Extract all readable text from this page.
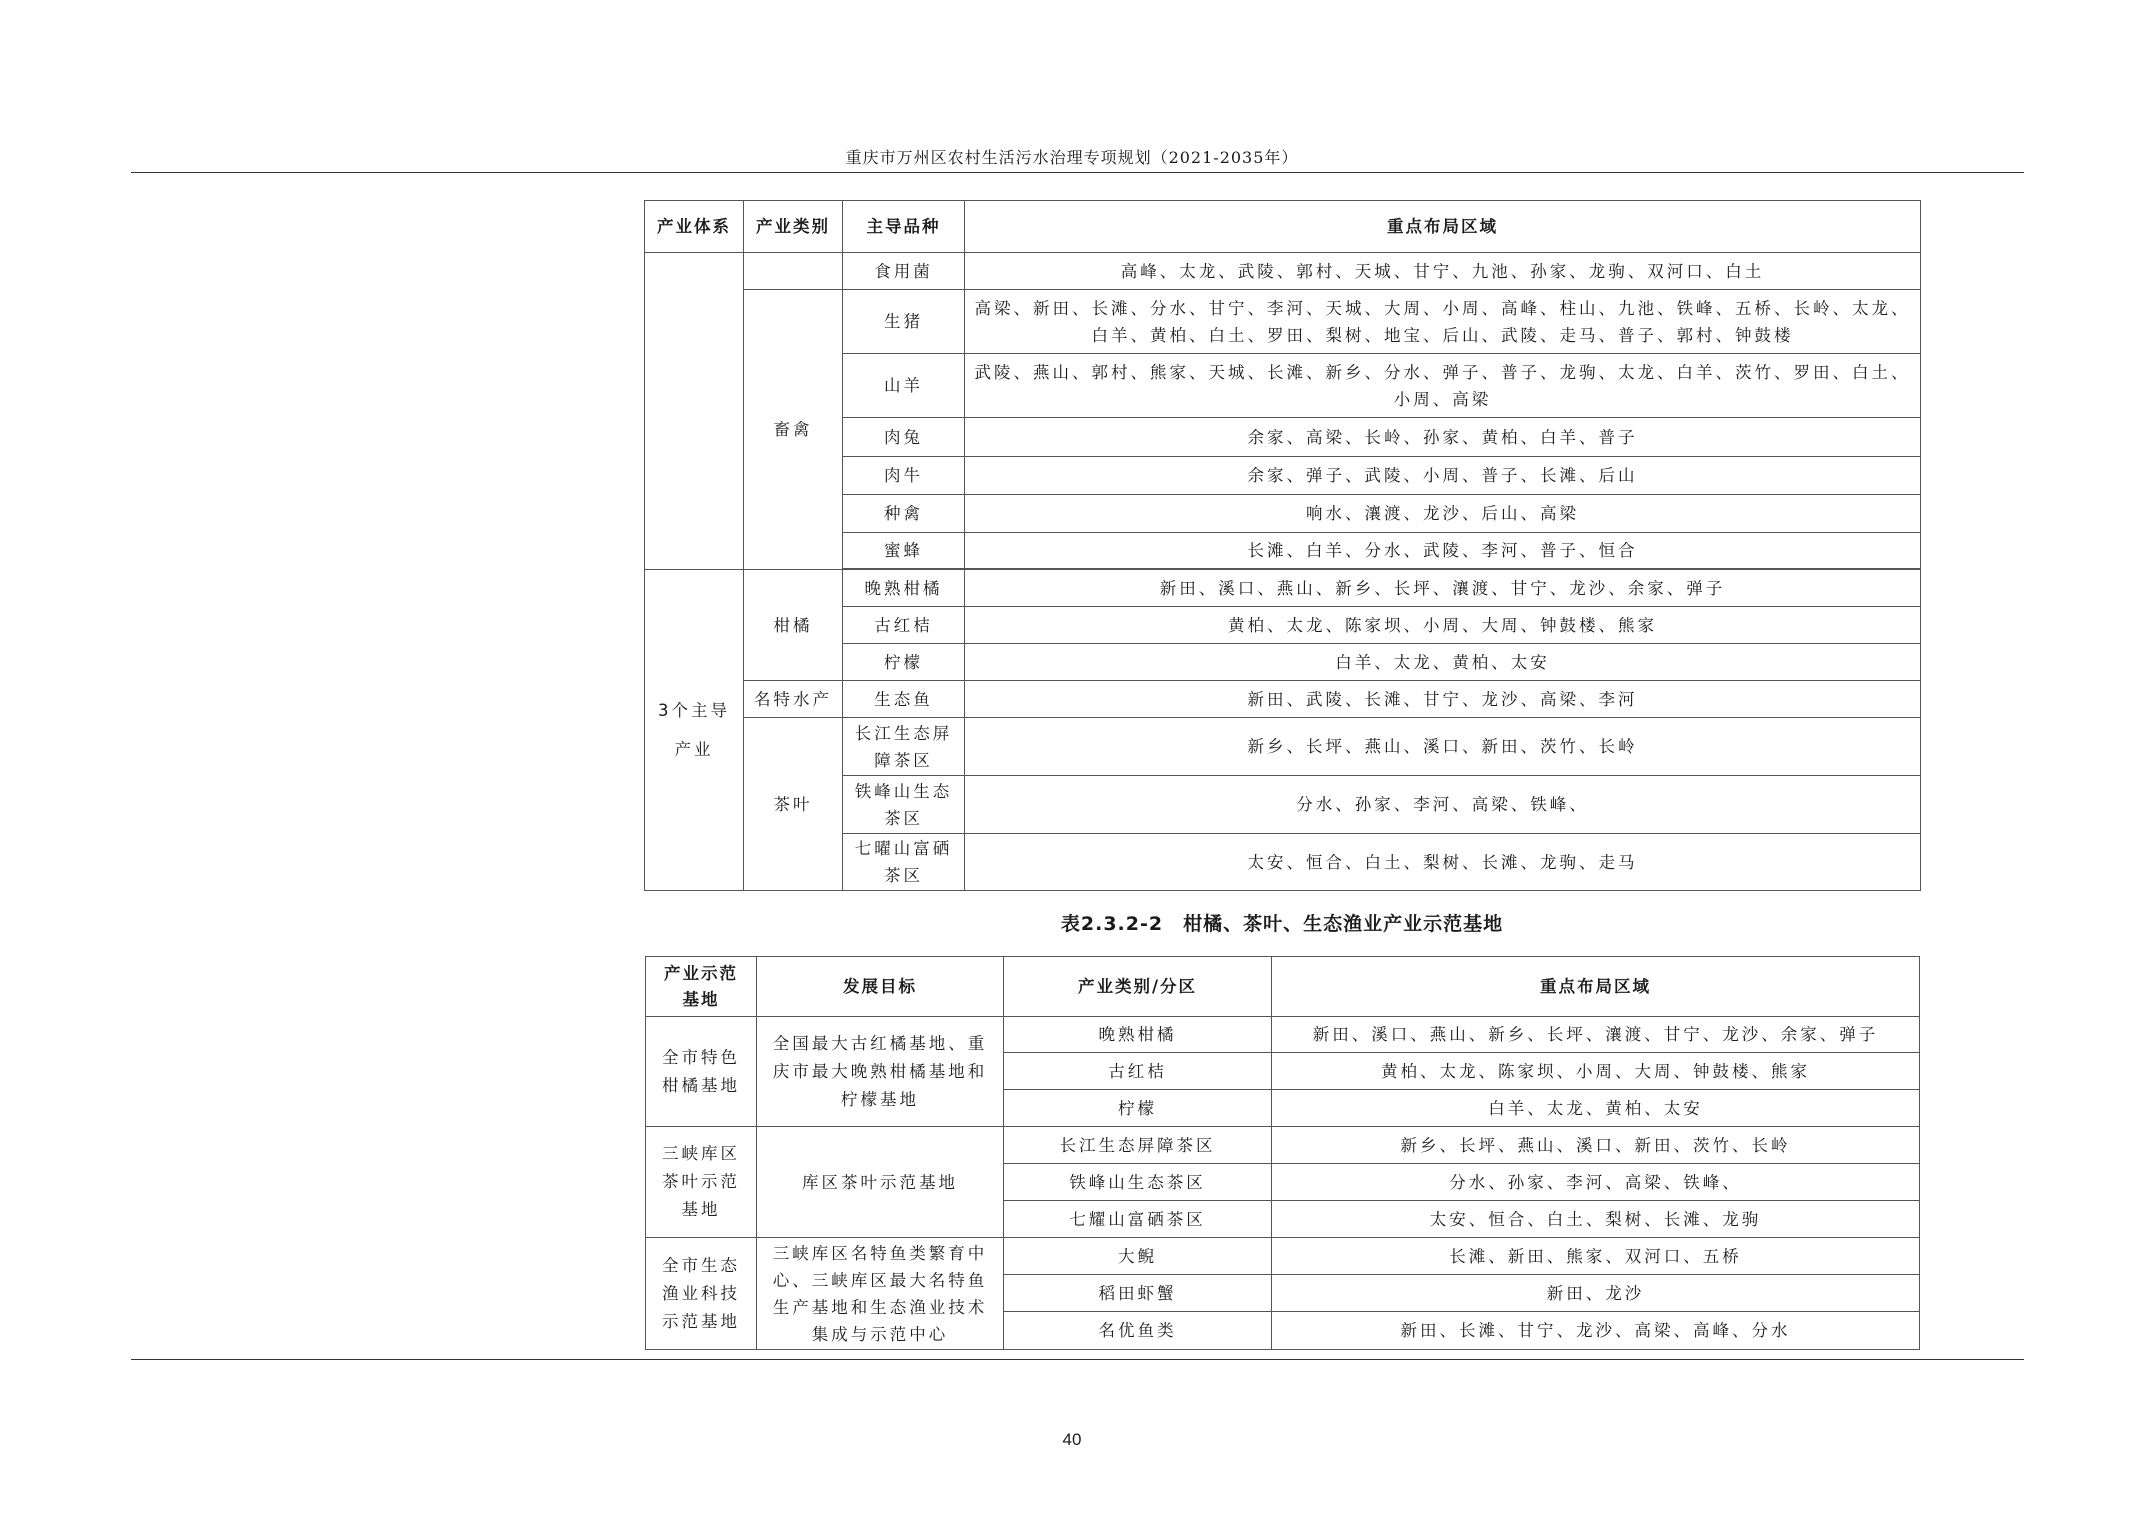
重庆市万州区农村生活污水治理专项规划（2021-2035年）
产业体系	产业类别	主导品种	重点布局区域
		食用菌	高峰、太龙、武陵、郭村、天城、甘宁、九池、孙家、龙驹、双河口、白土
	畜禽	生猪	高梁、新田、长滩、分水、甘宁、李河、天城、大周、小周、高峰、柱山、九池、铁峰、五桥、长岭、太龙、白羊、黄柏、白土、罗田、梨树、地宝、后山、武陵、走马、普子、郭村、钟鼓楼
		山羊	武陵、燕山、郭村、熊家、天城、长滩、新乡、分水、弹子、普子、龙驹、太龙、白羊、茨竹、罗田、白土、小周、高梁
		肉兔	余家、高梁、长岭、孙家、黄柏、白羊、普子
		肉牛	余家、弹子、武陵、小周、普子、长滩、后山
		种禽	响水、瀼渡、龙沙、后山、高梁
		蜜蜂	长滩、白羊、分水、武陵、李河、普子、恒合

3个主导产业	柑橘	晚熟柑橘	新田、溪口、燕山、新乡、长坪、瀼渡、甘宁、龙沙、余家、弹子
		古红桔	黄柏、太龙、陈家坝、小周、大周、钟鼓楼、熊家
		柠檬	白羊、太龙、黄柏、太安
	名特水产	生态鱼	新田、武陵、长滩、甘宁、龙沙、高梁、李河
	茶叶	长江生态屏障茶区	新乡、长坪、燕山、溪口、新田、茨竹、长岭
		铁峰山生态茶区	分水、孙家、李河、高梁、铁峰、
		七曜山富硒茶区	太安、恒合、白土、梨树、长滩、龙驹、走马
表2.3.2-2　柑橘、茶叶、生态渔业产业示范基地
产业示范基地	发展目标	产业类别/分区	重点布局区域
全市特色柑橘基地	全国最大古红橘基地、重庆市最大晚熟柑橘基地和柠檬基地	晚熟柑橘	新田、溪口、燕山、新乡、长坪、瀼渡、甘宁、龙沙、余家、弹子
		古红桔	黄柏、太龙、陈家坝、小周、大周、钟鼓楼、熊家
		柠檬	白羊、太龙、黄柏、太安
三峡库区茶叶示范基地	库区茶叶示范基地	长江生态屏障茶区	新乡、长坪、燕山、溪口、新田、茨竹、长岭
		铁峰山生态茶区	分水、孙家、李河、高梁、铁峰、
		七耀山富硒茶区	太安、恒合、白土、梨树、长滩、龙驹
全市生态渔业科技示范基地	三峡库区名特鱼类繁育中心、三峡库区最大名特鱼生产基地和生态渔业技术集成与示范中心	大鲵	长滩、新田、熊家、双河口、五桥
		稻田虾蟹	新田、龙沙
		名优鱼类	新田、长滩、甘宁、龙沙、高梁、高峰、分水
40
